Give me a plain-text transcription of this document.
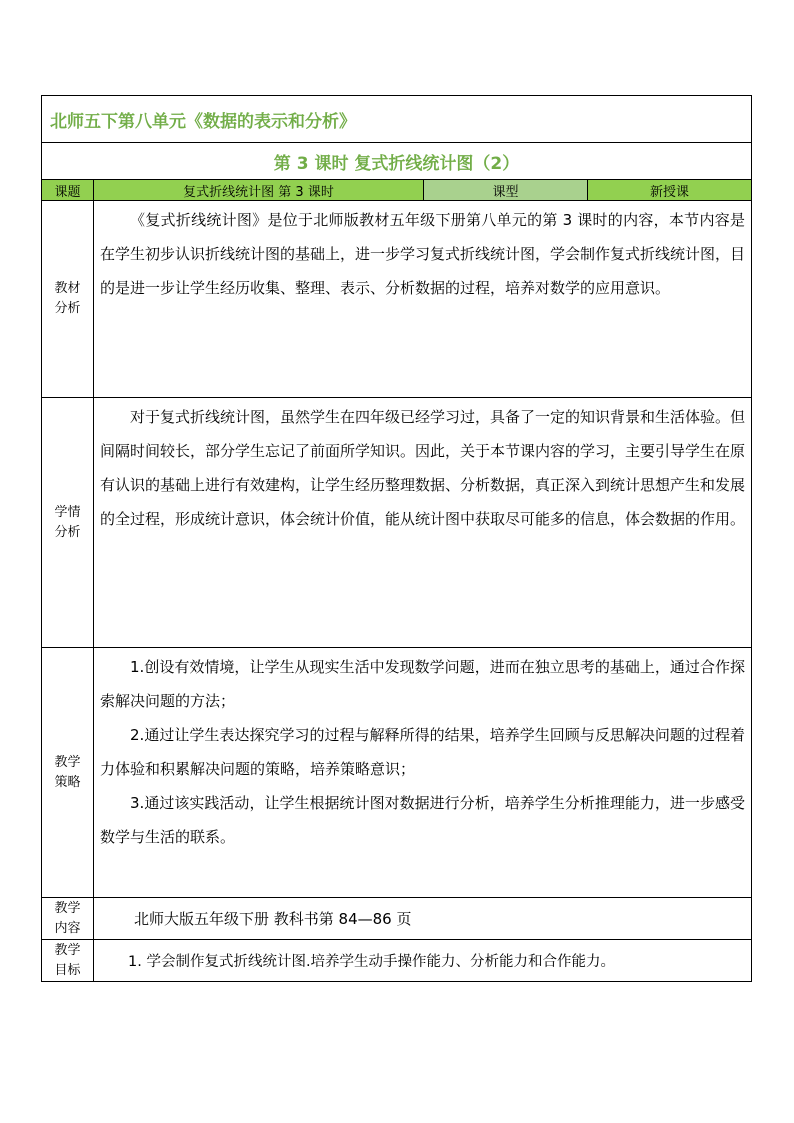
北师五下第八单元《数据的表示和分析》			
第 3 课时 复式折线统计图（2）			
课题	复式折线统计图 第 3 课时	课型	新授课
教材分析	《复式折线统计图》是位于北师版教材五年级下册第八单元的第 3 课时的内容，本节内容是在学生初步认识折线统计图的基础上，进一步学习复式折线统计图，学会制作复式折线统计图，目的是进一步让学生经历收集、整理、表示、分析数据的过程，培养对数学的应用意识。		

学情分析	对于复式折线统计图，虽然学生在四年级已经学习过，具备了一定的知识背景和生活体验。但间隔时间较长，部分学生忘记了前面所学知识。因此，关于本节课内容的学习，主要引导学生在原有认识的基础上进行有效建构，让学生经历整理数据、分析数据，真正深入到统计思想产生和发展的全过程，形成统计意识，体会统计价值，能从统计图中获取尽可能多的信息，体会数据的作用。		

教学策略	1.创设有效情境，让学生从现实生活中发现数学问题，进而在独立思考的基础上，通过合作探索解决问题的方法；

2.通过让学生表达探究学习的过程与解释所得的结果，培养学生回顾与反思解决问题的过程着力体验和积累解决问题的策略，培养策略意识；

3.通过该实践活动，让学生根据统计图对数据进行分析，培养学生分析推理能力，进一步感受数学与生活的联系。		

教学内容	北师大版五年级下册 教科书第 84—86 页		
教学目标	1. 学会制作复式折线统计图.培养学生动手操作能力、分析能力和合作能力。		
